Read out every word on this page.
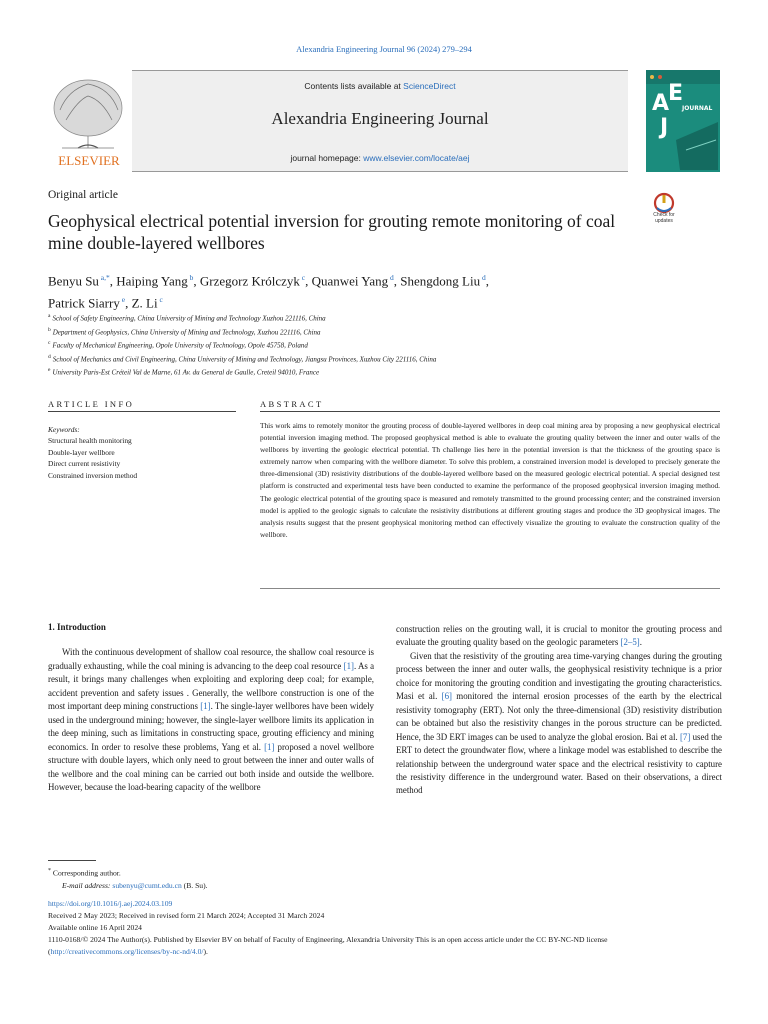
Alexandria Engineering Journal 96 (2024) 279–294
ELSEVIER
Contents lists available at ScienceDirect
Alexandria Engineering Journal
journal homepage: www.elsevier.com/locate/aej
A
E
J
JOURNAL
Original article
Geophysical electrical potential inversion for grouting remote monitoring of coal mine double-layered wellbores
Check for
updates
Benyu Su $^{a,*}$, Haiping Yang $^b$, Grzegorz Królczyk $^c$, Quanwei Yang $^d$, Shengdong Liu $^d$,
Patrick Siarry $^e$, Z. Li $^c$
$^a$ School of Safety Engineering, China University of Mining and Technology Xuzhou 221116, China
$^b$ Department of Geophysics, China University of Mining and Technology, Xuzhou 221116, China
$^c$ Faculty of Mechanical Engineering, Opole University of Technology, Opole 45758, Poland
$^d$ School of Mechanics and Civil Engineering, China University of Mining and Technology, Jiangsu Provinces, Xuzhou City 221116, China
$^e$ University Paris-Est Créteil Val de Marne, 61 Av. du General de Gaulle, Creteil 94010, France
ARTICLE INFO
Keywords:
Structural health monitoring
Double-layer wellbore
Direct current resistivity
Constrained inversion method
ABSTRACT
This work aims to remotely monitor the grouting process of double-layered wellbores in deep coal mining area by proposing a new geophysical electrical potential inversion imaging method. The proposed geophysical method is able to evaluate the grouting quality between the inner and outer walls of the wellbores by inverting the geologic electrical potential. Th challenge lies here in the potential inversion is that the thickness of the grouting space is extremely narrow when comparing with the wellbore diameter. To solve this problem, a constrained inversion model is developed to precisely generate the three-dimensional (3D) resistivity distributions of the double-layered wellbore based on the measured geologic electrical potential. A special designed test platform is constructed and experimental tests have been conducted to examine the performance of the proposed geophysical inversion imaging method. The geologic electrical potential of the grouting space is measured and remotely transmitted to the ground processing center; and the constrained inversion model is applied to the geologic signals to calculate the resistivity distributions at different grouting stages and produce the 3D geophysical images. The analysis results suggest that the present geophysical monitoring method can effectively visualize the grouting to evaluate the construction quality of the wellbore.
1. Introduction

With the continuous development of shallow coal resource, the shallow coal resource is gradually exhausting, while the coal mining is advancing to the deep coal resource [1]. As a result, it brings many challenges when exploiting and exploring deep coal; for example, accident prevention and safety issues . Generally, the wellbore construction is one of the most important deep mining constructions [1]. The single-layer wellbores have been widely used in the underground mining; however, the single-layer wellbore limits its application in the deep mining, such as limitations in constructing space, grouting efficiency and mining economics. In order to resolve these problems, Yang et al. [1] proposed a novel wellbore structure with double layers, which only need to grout between the inner and outer walls of the wellbore and the coal mining can be carried out both inside and outside the wellbore. However, because the load-bearing capacity of the wellbore

construction relies on the grouting wall, it is crucial to monitor the grouting process and evaluate the grouting quality based on the geologic parameters [2–5].

Given that the resistivity of the grouting area time-varying changes during the grouting process between the inner and outer walls, the geophysical resistivity technique is a prior choice for monitoring the grouting condition and investigating the grouting characteristics. Masi et al. [6] monitored the internal erosion processes of the earth by the electrical resistivity tomography (ERT). Not only the three-dimensional (3D) resistivity distribution can be obtained but also the resistivity changes in the porous structure can be predicted. Hence, the 3D ERT images can be used to analyze the global erosion. Bai et al. [7] used the ERT to detect the groundwater flow, where a linkage model was established to describe the relationship between the underground water space and the electrical resistivity to capture the resistivity difference in the underground water. Based on their observations, a direct method

* Corresponding author.
E-mail address: subenyu@cumt.edu.cn (B. Su).
https://doi.org/10.1016/j.aej.2024.03.109
Received 2 May 2023; Received in revised form 21 March 2024; Accepted 31 March 2024
Available online 16 April 2024
1110-0168/© 2024 The Author(s). Published by Elsevier BV on behalf of Faculty of Engineering, Alexandria University This is an open access article under the CC BY-NC-ND license (http://creativecommons.org/licenses/by-nc-nd/4.0/).
